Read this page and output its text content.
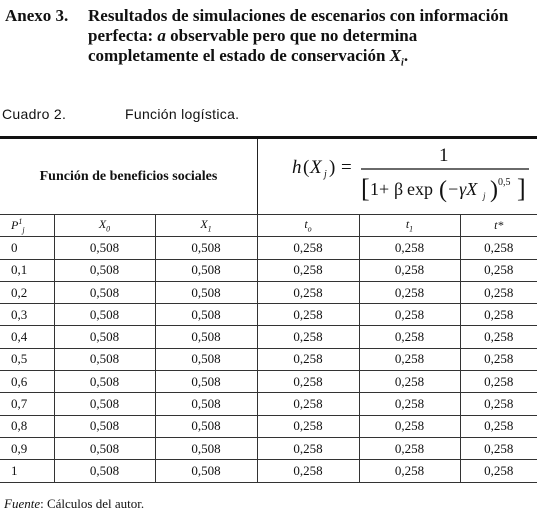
Anexo 3. Resultados de simulaciones de escenarios con información perfecta: a observable pero que no determina completamente el estado de conservación $X_i$.
Cuadro 2.	Función logística.
Función de beneficios sociales	h ( X j ) =
1
[ 1+ β exp ( −γX j ) 0,5 ]
$P^1_j$	$X_0$	$X_1$	$t_o$	$t_1$	t*
0	0,508	0,508	0,258	0,258	0,258
0,1	0,508	0,508	0,258	0,258	0,258
0,2	0,508	0,508	0,258	0,258	0,258
0,3	0,508	0,508	0,258	0,258	0,258
0,4	0,508	0,508	0,258	0,258	0,258
0,5	0,508	0,508	0,258	0,258	0,258
0,6	0,508	0,508	0,258	0,258	0,258
0,7	0,508	0,508	0,258	0,258	0,258
0,8	0,508	0,508	0,258	0,258	0,258
0,9	0,508	0,508	0,258	0,258	0,258
1	0,508	0,508	0,258	0,258	0,258
Fuente: Cálculos del autor.
